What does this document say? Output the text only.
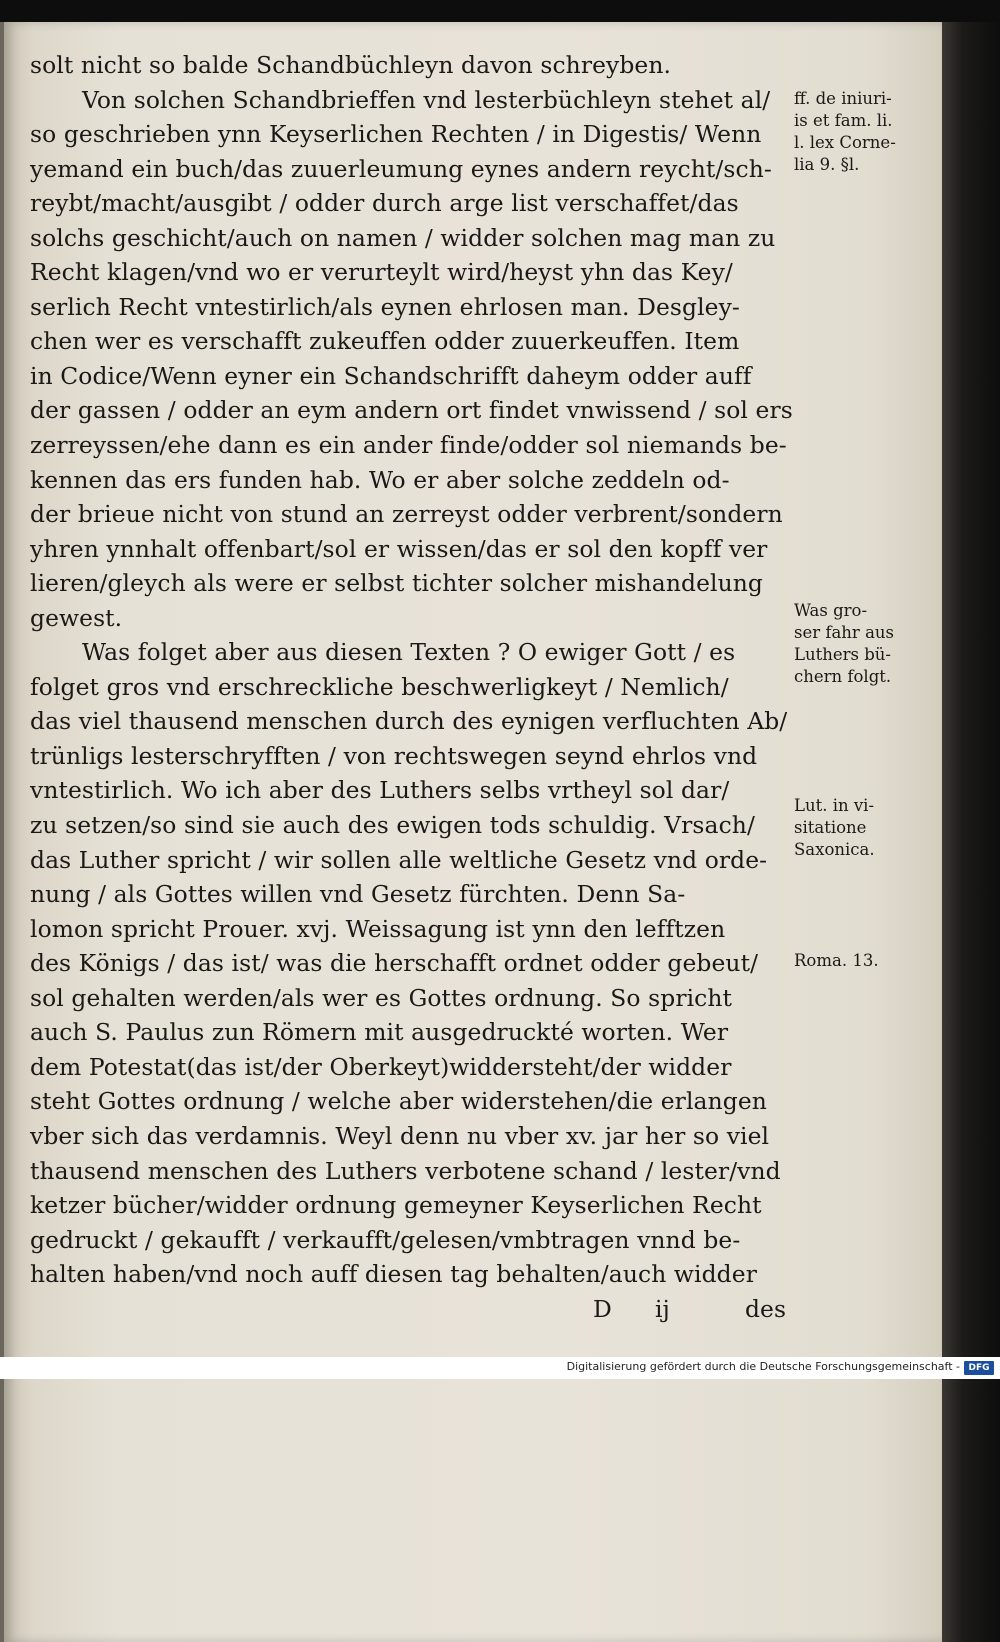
solt nicht so balde Schandbüchleyn davon schreyben.
Von solchen Schandbrieffen vnd lesterbüchleyn stehet al/
so geschrieben ynn Keyserlichen Rechten / in Digestis/ Wenn
yemand ein buch/das zuuerleumung eynes andern reycht/sch-
reybt/macht/ausgibt / odder durch arge list verschaffet/das
solchs geschicht/auch on namen / widder solchen mag man zu
Recht klagen/vnd wo er verurteylt wird/heyst yhn das Key/
serlich Recht vntestirlich/als eynen ehrlosen man. Desgley-
chen wer es verschafft zukeuffen odder zuuerkeuffen. Item
in Codice/Wenn eyner ein Schandschrifft daheym odder auff
der gassen / odder an eym andern ort findet vnwissend / sol ers
zerreyssen/ehe dann es ein ander finde/odder sol niemands be-
kennen das ers funden hab. Wo er aber solche zeddeln od-
der brieue nicht von stund an zerreyst odder verbrent/sondern
yhren ynnhalt offenbart/sol er wissen/das er sol den kopff ver
lieren/gleych als were er selbst tichter solcher mishandelung
gewest.
Was folget aber aus diesen Texten ? O ewiger Gott / es
folget gros vnd erschreckliche beschwerligkeyt / Nemlich/
das viel thausend menschen durch des eynigen verfluchten Ab/
trünligs lesterschryfften / von rechtswegen seynd ehrlos vnd
vntestirlich. Wo ich aber des Luthers selbs vrtheyl sol dar/
zu setzen/so sind sie auch des ewigen tods schuldig. Vrsach/
das Luther spricht / wir sollen alle weltliche Gesetz vnd orde-
nung / als Gottes willen vnd Gesetz fürchten. Denn Sa-
lomon spricht Prouer. xvj. Weissagung ist ynn den lefftzen
des Königs / das ist/ was die herschafft ordnet odder gebeut/
sol gehalten werden/als wer es Gottes ordnung. So spricht
auch S. Paulus zun Römern mit ausgedruckté worten. Wer
dem Potestat(das ist/der Oberkeyt)widdersteht/der widder
steht Gottes ordnung / welche aber widerstehen/die erlangen
vber sich das verdamnis. Weyl denn nu vber xv. jar her so viel
thausend menschen des Luthers verbotene schand / lester/vnd
ketzer bücher/widder ordnung gemeyner Keyserlichen Recht
gedruckt / gekaufft / verkaufft/gelesen/vmbtragen vnnd be-
halten haben/vnd noch auff diesen tag behalten/auch widder
D ij	des
ff. de iniuri-
is et fam. li.
l. lex Corne-
lia 9. §l.
Was gro-
ser fahr aus
Luthers bü-
chern folgt.
Lut. in vi-
sitatione
Saxonica.
Roma. 13.
Digitalisierung gefördert durch die Deutsche Forschungsgemeinschaft - DFG
